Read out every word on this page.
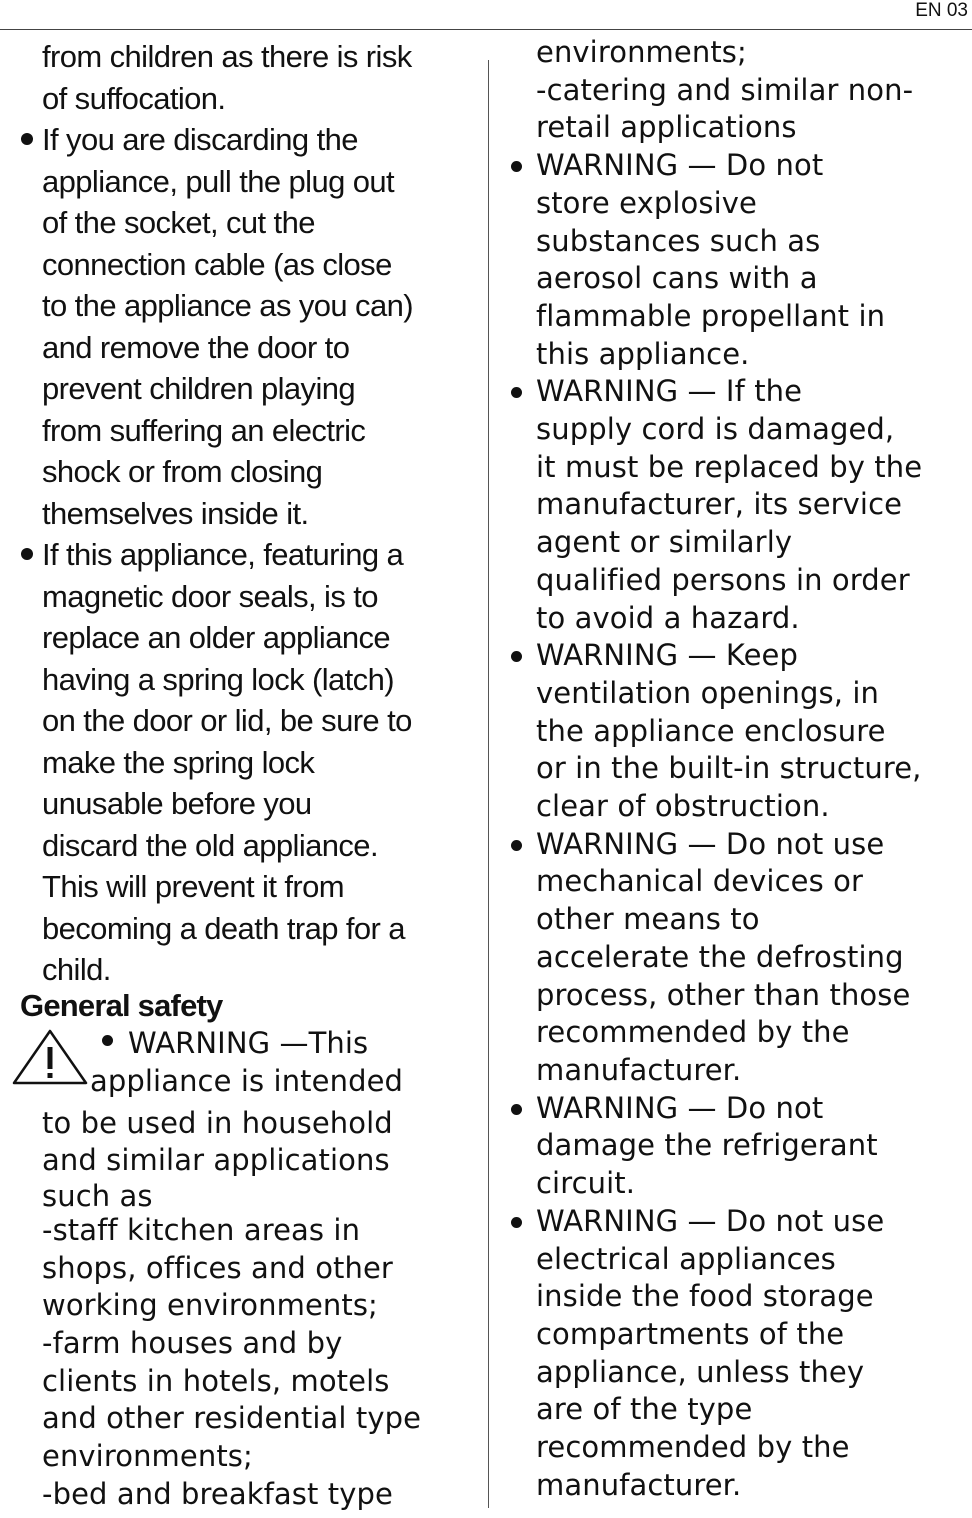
EN 03
from children as there is risk
of suffocation.
If you are discarding the
appliance, pull the plug out
of the socket, cut the
connection cable (as close
to the appliance as you can)
and remove the door to
prevent children playing
from suffering an electric
shock or from closing
themselves inside it.
If this appliance, featuring a
magnetic door seals, is to
replace an older appliance
having a spring lock (latch)
on the door or lid, be sure to
make the spring lock
unusable before you
discard the old appliance.
This will prevent it from
becoming a death trap for a
child.
General safety
WARNING —This
appliance is intended
to be used in household
and similar applications
such as
-staff kitchen areas in
shops, offices and other
working environments;
-farm houses and by
clients in hotels, motels
and other residential type
environments;
-bed and breakfast type
environments;
-catering and similar non-
retail applications
WARNING — Do not
store explosive
substances such as
aerosol cans with a
flammable propellant in
this appliance.
WARNING — If the
supply cord is damaged,
it must be replaced by the
manufacturer, its service
agent or similarly
qualified persons in order
to avoid a hazard.
WARNING — Keep
ventilation openings, in
the appliance enclosure
or in the built-in structure,
clear of obstruction.
WARNING — Do not use
mechanical devices or
other means to
accelerate the defrosting
process, other than those
recommended by the
manufacturer.
WARNING — Do not
damage the refrigerant
circuit.
WARNING — Do not use
electrical appliances
inside the food storage
compartments of the
appliance, unless they
are of the type
recommended by the
manufacturer.
